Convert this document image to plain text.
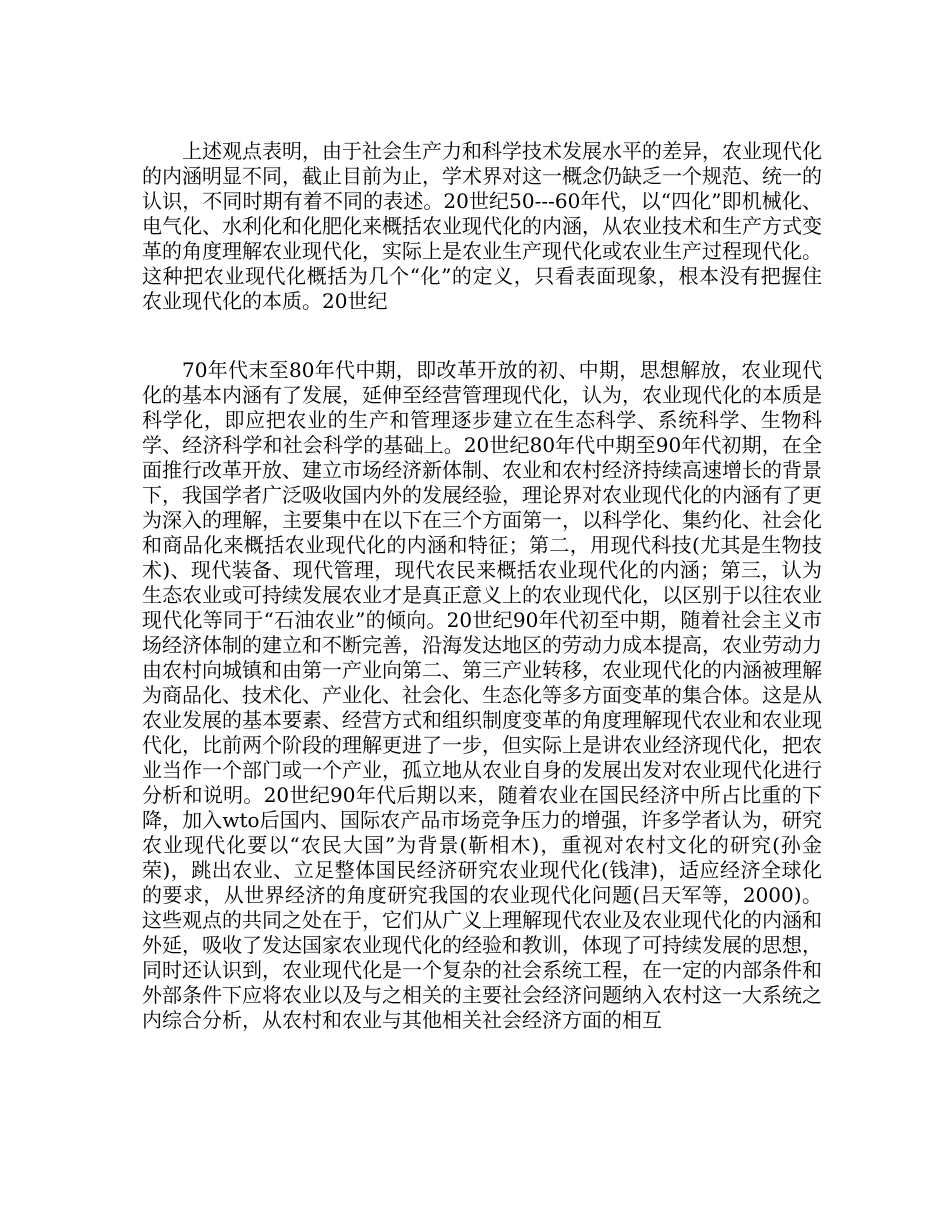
上述观点表明，由于社会生产力和科学技术发展水平的差异，农业现代化的内涵明显不同，截止目前为止，学术界对这一概念仍缺乏一个规范、统一的认识，不同时期有着不同的表述。20世纪50---60年代，以“四化”即机械化、电气化、水利化和化肥化来概括农业现代化的内涵，从农业技术和生产方式变革的角度理解农业现代化，实际上是农业生产现代化或农业生产过程现代化。这种把农业现代化概括为几个“化”的定义，只看表面现象，根本没有把握住农业现代化的本质。20世纪

70年代末至80年代中期，即改革开放的初、中期，思想解放，农业现代化的基本内涵有了发展，延伸至经营管理现代化，认为，农业现代化的本质是科学化，即应把农业的生产和管理逐步建立在生态科学、系统科学、生物科学、经济科学和社会科学的基础上。20世纪80年代中期至90年代初期，在全面推行改革开放、建立市场经济新体制、农业和农村经济持续高速增长的背景下，我国学者广泛吸收国内外的发展经验，理论界对农业现代化的内涵有了更为深入的理解，主要集中在以下在三个方面第一，以科学化、集约化、社会化和商品化来概括农业现代化的内涵和特征；第二，用现代科技(尤其是生物技术)、现代装备、现代管理，现代农民来概括农业现代化的内涵；第三，认为生态农业或可持续发展农业才是真正意义上的农业现代化，以区别于以往农业现代化等同于“石油农业”的倾向。20世纪90年代初至中期，随着社会主义市场经济体制的建立和不断完善，沿海发达地区的劳动力成本提高，农业劳动力由农村向城镇和由第一产业向第二、第三产业转移，农业现代化的内涵被理解为商品化、技术化、产业化、社会化、生态化等多方面变革的集合体。这是从农业发展的基本要素、经营方式和组织制度变革的角度理解现代农业和农业现代化，比前两个阶段的理解更进了一步，但实际上是讲农业经济现代化，把农业当作一个部门或一个产业，孤立地从农业自身的发展出发对农业现代化进行分析和说明。20世纪90年代后期以来，随着农业在国民经济中所占比重的下降，加入wto后国内、国际农产品市场竞争压力的增强，许多学者认为，研究农业现代化要以“农民大国”为背景(靳相木)，重视对农村文化的研究(孙金荣)，跳出农业、立足整体国民经济研究农业现代化(钱津)，适应经济全球化的要求，从世界经济的角度研究我国的农业现代化问题(吕天军等，2000)。这些观点的共同之处在于，它们从广义上理解现代农业及农业现代化的内涵和外延，吸收了发达国家农业现代化的经验和教训，体现了可持续发展的思想，同时还认识到，农业现代化是一个复杂的社会系统工程，在一定的内部条件和外部条件下应将农业以及与之相关的主要社会经济问题纳入农村这一大系统之内综合分析，从农村和农业与其他相关社会经济方面的相互
